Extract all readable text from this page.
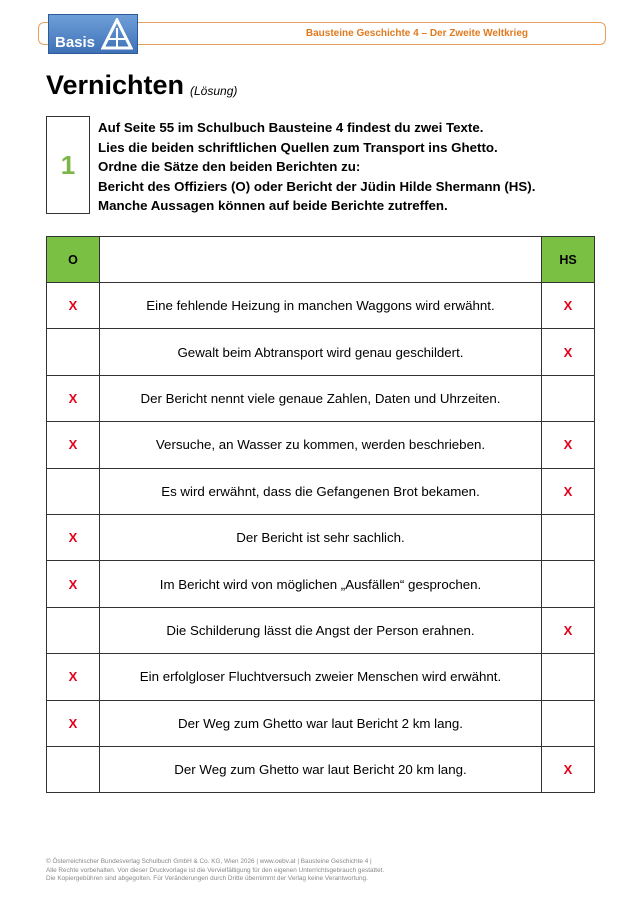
Bausteine Geschichte 4 – Der Zweite Weltkrieg
Basis
Vernichten (Lösung)
1
Auf Seite 55 im Schulbuch Bausteine 4 findest du zwei Texte.
Lies die beiden schriftlichen Quellen zum Transport ins Ghetto.
Ordne die Sätze den beiden Berichten zu:
Bericht des Offiziers (O) oder Bericht der Jüdin Hilde Shermann (HS).
Manche Aussagen können auf beide Berichte zutreffen.
O		HS
X	Eine fehlende Heizung in manchen Waggons wird erwähnt.	X
	Gewalt beim Abtransport wird genau geschildert.	X
X	Der Bericht nennt viele genaue Zahlen, Daten und Uhrzeiten.	
X	Versuche, an Wasser zu kommen, werden beschrieben.	X
	Es wird erwähnt, dass die Gefangenen Brot bekamen.	X
X	Der Bericht ist sehr sachlich.	
X	Im Bericht wird von möglichen „Ausfällen“ gesprochen.	
	Die Schilderung lässt die Angst der Person erahnen.	X
X	Ein erfolgloser Fluchtversuch zweier Menschen wird erwähnt.	
X	Der Weg zum Ghetto war laut Bericht 2 km lang.	
	Der Weg zum Ghetto war laut Bericht 20 km lang.	X
© Österreichischer Bundesverlag Schulbuch GmbH & Co. KG, Wien 2026 | www.oebv.at | Bausteine Geschichte 4 |
Alle Rechte vorbehalten. Von dieser Druckvorlage ist die Vervielfältigung für den eigenen Unterrichtsgebrauch gestattet.
Die Kopiergebühren sind abgegolten. Für Veränderungen durch Dritte übernimmt der Verlag keine Verantwortung.
